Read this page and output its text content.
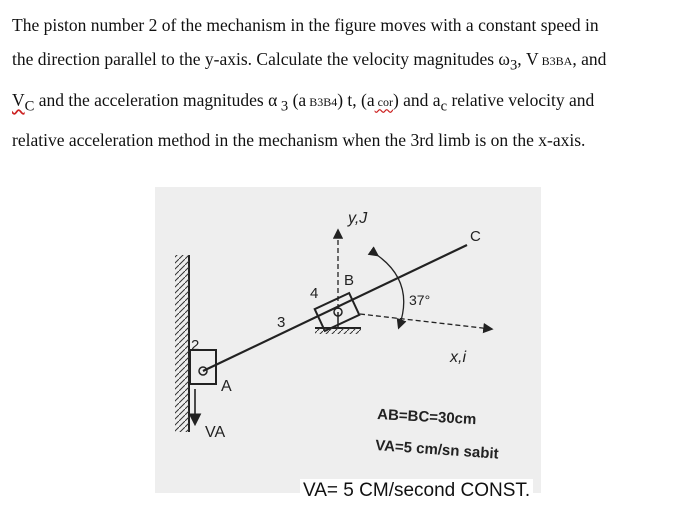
The piston number 2 of the mechanism in the figure moves with a constant speed in
the direction parallel to the y-axis. Calculate the velocity magnitudes $\omega_3$, V B3BA, and
$V_C$ and the acceleration magnitudes α $_3$ (a B3B4) t, (a cor) and $a_c$ relative velocity and
relative acceleration method in the mechanism when the 3rd limb is on the x-axis.

y,J
C
B
4
3
2
A
VA
37°
x,i
AB=BC=30cm
VA=5 cm/sn sabit
VA= 5 CM/second CONST.
